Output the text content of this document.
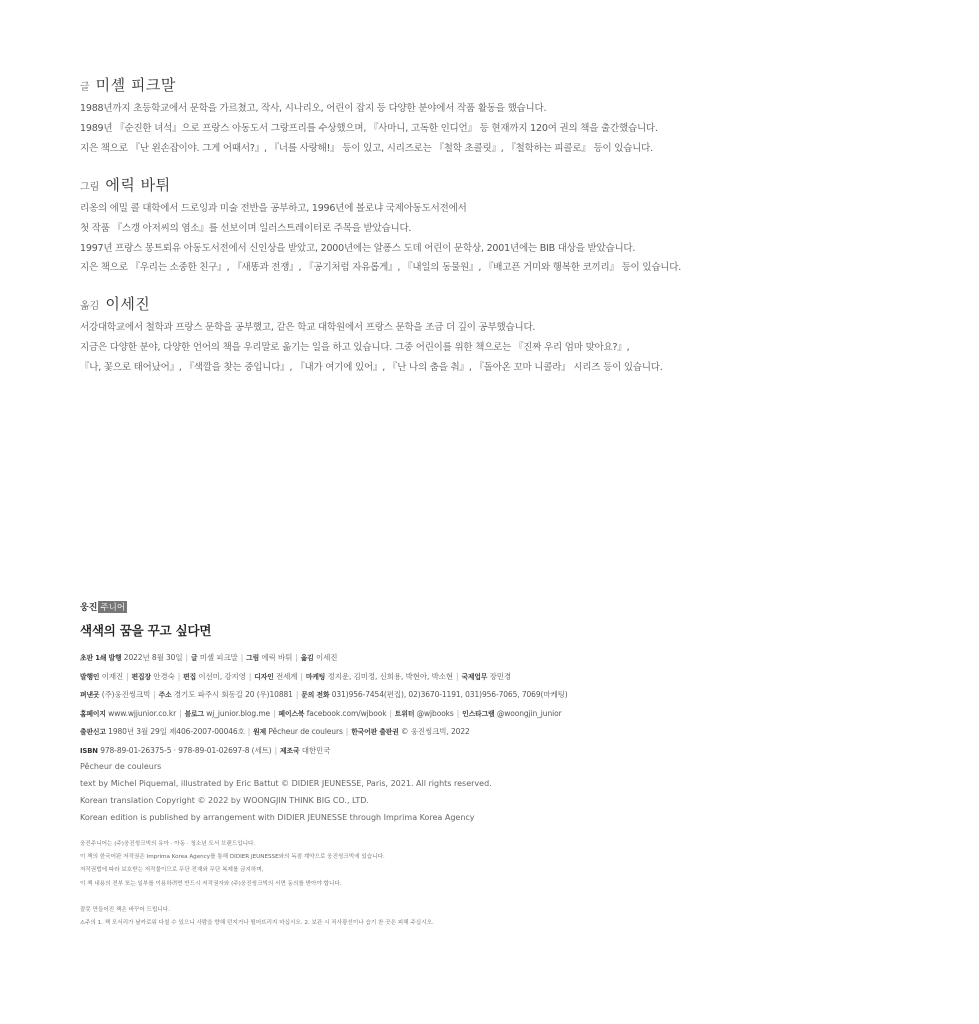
글 미셸 피크말
1988년까지 초등학교에서 문학을 가르쳤고, 작사, 시나리오, 어린이 잡지 등 다양한 분야에서 작품 활동을 했습니다.
1989년 『순진한 녀석』으로 프랑스 아동도서 그랑프리를 수상했으며, 『사마니, 고독한 인디언』 등 현재까지 120여 권의 책을 출간했습니다.
지은 책으로 『난 왼손잡이야. 그게 어때서?』, 『너를 사랑해!』 등이 있고, 시리즈로는 『철학 초콜릿』, 『철학하는 피콜로』 등이 있습니다.
그림 에릭 바튀
리옹의 에밀 콜 대학에서 드로잉과 미술 전반을 공부하고, 1996년에 볼로냐 국제아동도서전에서
첫 작품 『스갱 아저씨의 염소』를 선보이며 일러스트레이터로 주목을 받았습니다.
1997년 프랑스 몽트뢰유 아동도서전에서 신인상을 받았고, 2000년에는 알퐁스 도데 어린이 문학상, 2001년에는 BIB 대상을 받았습니다.
지은 책으로 『우리는 소중한 친구』, 『새똥과 전쟁』, 『공기처럼 자유롭게』, 『내일의 동물원』, 『배고픈 거미와 행복한 코끼리』 등이 있습니다.
옮김 이세진
서강대학교에서 철학과 프랑스 문학을 공부했고, 같은 학교 대학원에서 프랑스 문학을 조금 더 깊이 공부했습니다.
지금은 다양한 분야, 다양한 언어의 책을 우리말로 옮기는 일을 하고 있습니다. 그중 어린이를 위한 책으로는 『진짜 우리 엄마 맞아요?』,
『나, 꽃으로 태어났어』, 『색깔을 찾는 중입니다』, 『내가 여기에 있어』, 『난 나의 춤을 춰』, 『돌아온 꼬마 니콜라』 시리즈 등이 있습니다.
웅진 주니어
색색의 꿈을 꾸고 싶다면
초판 1쇄 발행 2022년 8월 30일 | 글 미셸 피크말 | 그림 에릭 바튀 | 옮김 이세진
발행인 이재진 | 편집장 안경숙 | 편집 이선미, 강지영 | 디자인 전세계 | 마케팅 정지운, 김미정, 신희용, 박현아, 박소현 | 국제업무 장민경
펴낸곳 (주)웅진씽크빅 | 주소 경기도 파주시 회동길 20 (우)10881 | 문의 전화 031)956-7454(편집), 02)3670-1191, 031)956-7065, 7069(마케팅)
홈페이지 www.wjjunior.co.kr | 블로그 wj_junior.blog.me | 페이스북 facebook.com/wjbook | 트위터 @wjbooks | 인스타그램 @woongjin_junior
출판신고 1980년 3월 29일 제406-2007-00046호 | 원제 Pêcheur de couleurs | 한국어판 출판권 © 웅진씽크빅, 2022
ISBN 978-89-01-26375-5 · 978-89-01-02697-8 (세트) | 제조국 대한민국
Pêcheur de couleurs
text by Michel Piquemal, illustrated by Eric Battut © DIDIER JEUNESSE, Paris, 2021. All rights reserved.
Korean translation Copyright © 2022 by WOONGJIN THINK BIG CO., LTD.
Korean edition is published by arrangement with DIDIER JEUNESSE through Imprima Korea Agency
웅진주니어는 (주)웅진씽크빅의 유아 · 아동 · 청소년 도서 브랜드입니다.
이 책의 한국어판 저작권은 Imprima Korea Agency를 통해 DIDIER JEUNESSE와의 독점 계약으로 웅진씽크빅에 있습니다.
저작권법에 따라 보호받는 저작물이므로 무단 전재와 무단 복제를 금지하며,
이 책 내용의 전부 또는 일부를 이용하려면 반드시 저작권자와 (주)웅진씽크빅의 서면 동의를 받아야 합니다.
잘못 만들어진 책은 바꾸어 드립니다.
⚠주의 1. 책 모서리가 날카로워 다칠 수 있으니 사람을 향해 던지거나 떨어뜨리지 마십시오. 2. 보관 시 직사광선이나 습기 찬 곳은 피해 주십시오.
